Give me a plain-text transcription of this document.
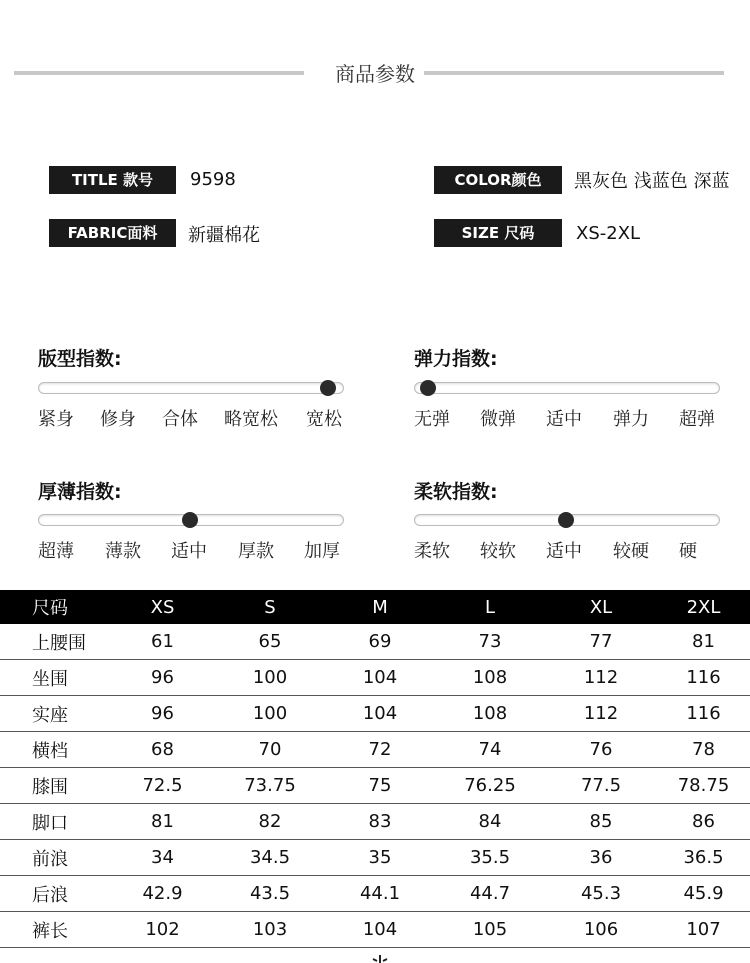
商品参数
TITLE 款号	9598	COLOR颜色	黑灰色 浅蓝色 深蓝
FABRIC面料	新疆棉花	SIZE 尺码	XS-2XL
版型指数:
紧身 修身 合体 略宽松 宽松
弹力指数:
无弹 微弹 适中 弹力 超弹
厚薄指数:
超薄 薄款 适中 厚款 加厚
柔软指数:
柔软 较软 适中 较硬 硬
尺码	XS	S	M	L	XL	2XL
上腰围	61	65	69	73	77	81
坐围	96	100	104	108	112	116
实座	96	100	104	108	112	116
横档	68	70	72	74	76	78
膝围	72.5	73.75	75	76.25	77.5	78.75
脚口	81	82	83	84	85	86
前浪	34	34.5	35	35.5	36	36.5
后浪	42.9	43.5	44.1	44.7	45.3	45.9
裤长	102	103	104	105	106	107
